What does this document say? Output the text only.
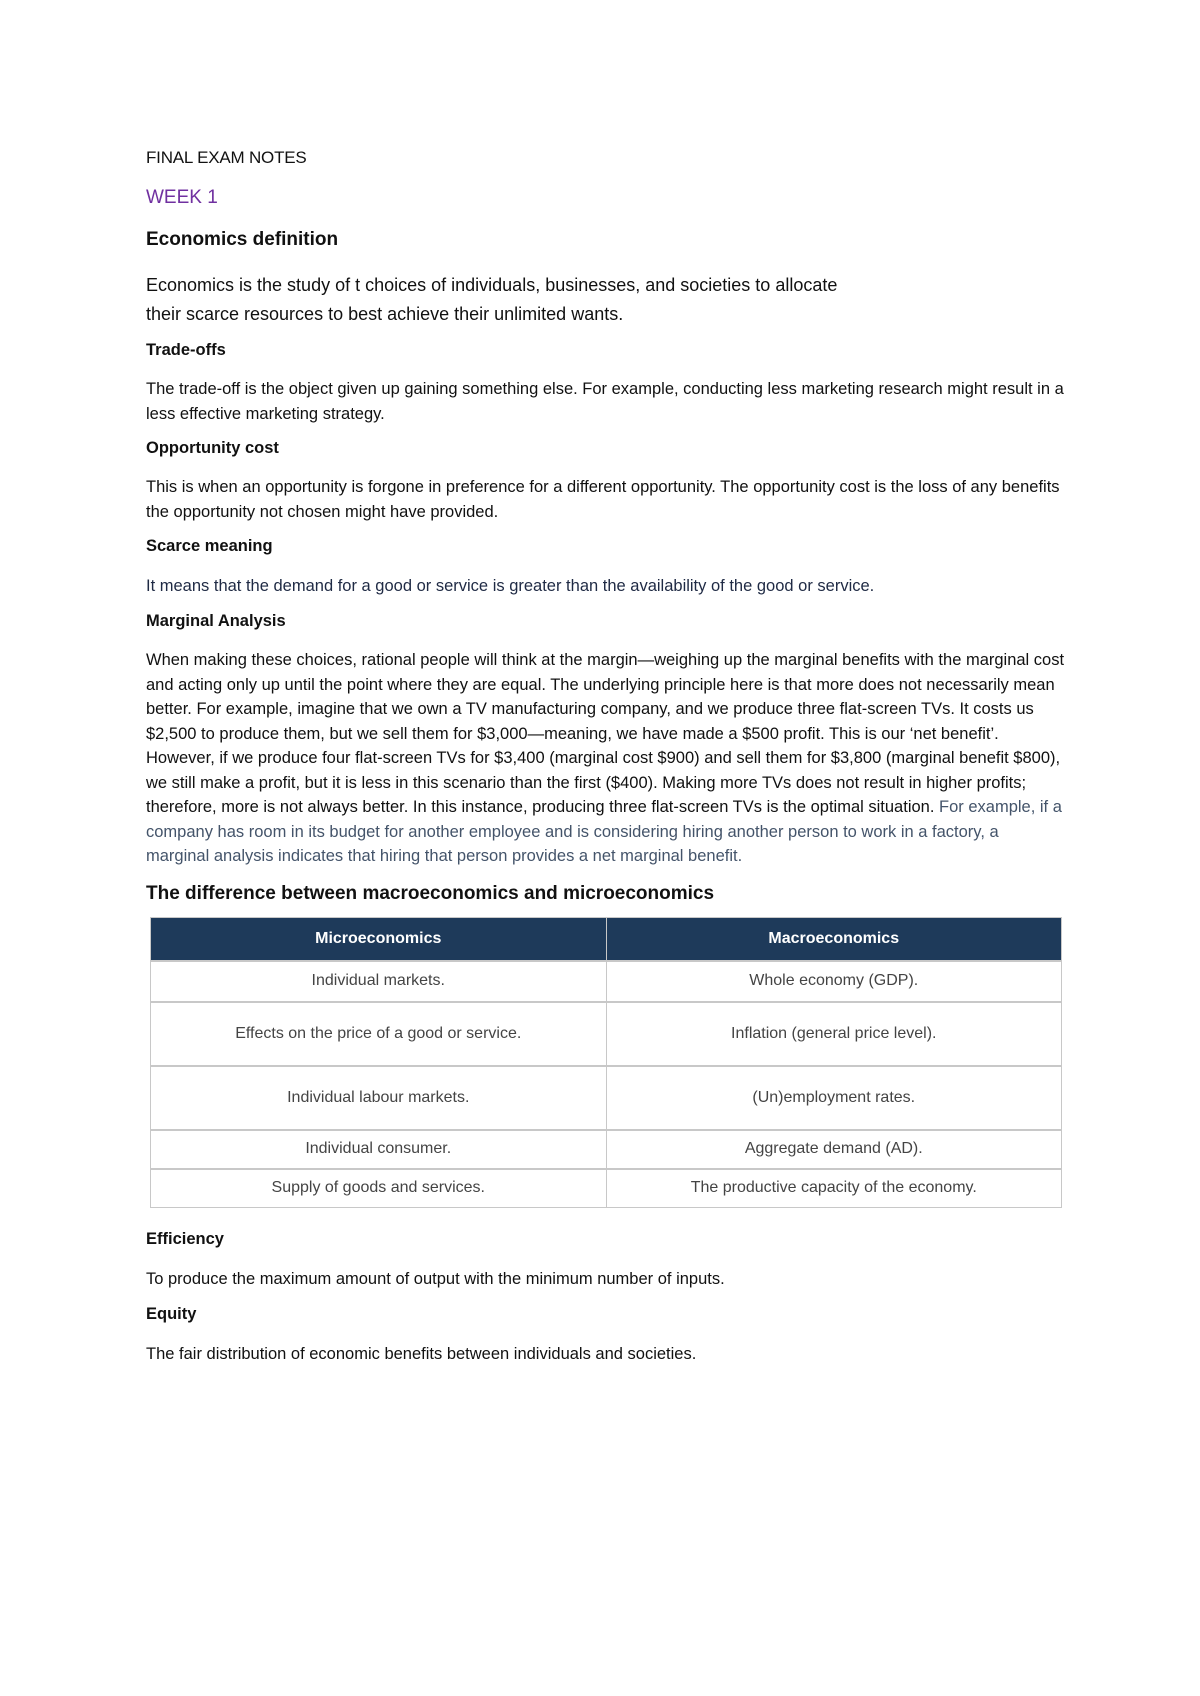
FINAL EXAM NOTES
WEEK 1
Economics definition
Economics is the study of t choices of individuals, businesses, and societies to allocate
their scarce resources to best achieve their unlimited wants.
Trade-offs
The trade-off is the object given up gaining something else. For example, conducting less marketing research might result in a less effective marketing strategy.
Opportunity cost
This is when an opportunity is forgone in preference for a different opportunity. The opportunity cost is the loss of any benefits the opportunity not chosen might have provided.
Scarce meaning
It means that the demand for a good or service is greater than the availability of the good or service.
Marginal Analysis
When making these choices, rational people will think at the margin—weighing up the marginal benefits with the marginal cost and acting only up until the point where they are equal. The underlying principle here is that more does not necessarily mean better. For example, imagine that we own a TV manufacturing company, and we produce three flat-screen TVs. It costs us $2,500 to produce them, but we sell them for $3,000—meaning, we have made a $500 profit. This is our ‘net benefit’. However, if we produce four flat-screen TVs for $3,400 (marginal cost $900) and sell them for $3,800 (marginal benefit $800), we still make a profit, but it is less in this scenario than the first ($400). Making more TVs does not result in higher profits; therefore, more is not always better. In this instance, producing three flat-screen TVs is the optimal situation. For example, if a company has room in its budget for another employee and is considering hiring another person to work in a factory, a marginal analysis indicates that hiring that person provides a net marginal benefit.
The difference between macroeconomics and microeconomics
Microeconomics	Macroeconomics
Individual markets.	Whole economy (GDP).
Effects on the price of a good or service.	Inflation (general price level).
Individual labour markets.	(Un)employment rates.
Individual consumer.	Aggregate demand (AD).
Supply of goods and services.	The productive capacity of the economy.
Efficiency
To produce the maximum amount of output with the minimum number of inputs.
Equity
The fair distribution of economic benefits between individuals and societies.
